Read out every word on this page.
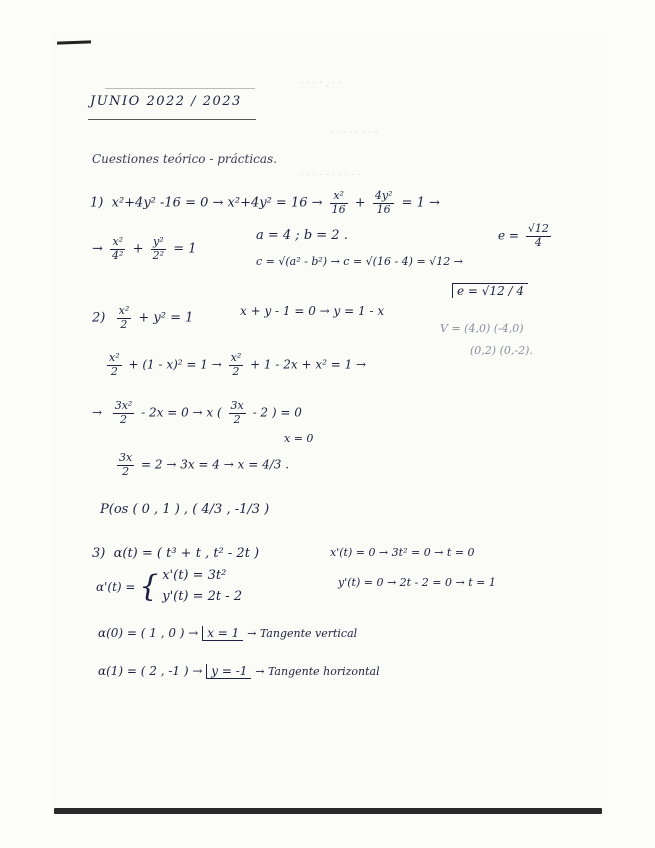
· · · · , · ·
· · · · · · · ·
· · · · · · · · · ·
JUNIO 2022 / 2023
Cuestiones teórico - prácticas.
1) x²+4y² $-16 = 0 \to x^2+4y^2 = 16 \to \frac{\text{x²}}{16} + \frac{\text{4y²}}{16} = 1$ →
→ $\frac{\text{x²}}{\text{4²}} + \frac{\text{y²}}{\text{2²}} = 1$
a = 4 ; b = 2 .
c = √(a² - b²) → c = √(16 - 4) = √12 →
$e = \frac{√12}{4}$
$2) \frac{\text{x²}}{2} + y^2 = 1$	x + y - 1 = 0 → y = 1 - x
e = √12 / 4
V = (4,0) (-4,0)
(0,2) (0,-2).
$\frac{\text{x²}}{2} + (1 - x)^2 = 1 \to \frac{\text{x²}}{2} + 1 - 2x + x^2 = 1$ →
→ $\frac{\text{3x²}}{2} - 2x = 0 \to x$ ( $\frac{3x}{2} - 2$ ) = 0
x = 0
$\frac{3x}{2} = 2 \to 3x = 4 \to x = 4/3$ .
P(os ( 0 , 1 ) , ( 4/3 , -1/3 )
3) α(t) = ( t³ + t , t² - 2t )	x'(t) = 0 → 3t² = 0 → t = 0
α'(t) = { x'(t) = 3t²
y'(t) = 2t - 2
y'(t) = 0 → 2t - 2 = 0 → t = 1
α(0) = ( 1 , 0 ) → x = 1 → Tangente vertical
α(1) = ( 2 , -1 ) → y = -1 → Tangente horizontal
